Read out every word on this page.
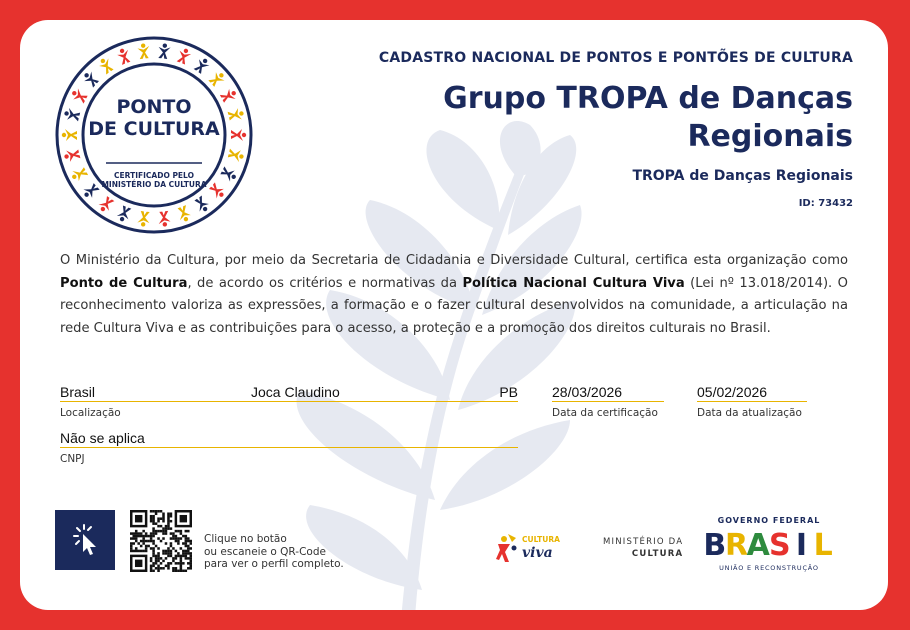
PONTO
DE CULTURA
CERTIFICADO PELO
MINISTÉRIO DA CULTURA
CADASTRO NACIONAL DE PONTOS E PONTÕES DE CULTURA
Grupo TROPA de Danças
Regionais
TROPA de Danças Regionais
ID: 73432
O Ministério da Cultura, por meio da Secretaria de Cidadania e Diversidade Cultural, certifica esta organização como Ponto de Cultura, de acordo os critérios e normativas da Política Nacional Cultura Viva (Lei nº 13.018/2014). O reconhecimento valoriza as expressões, a formação e o fazer cultural desenvolvidos na comunidade, a articulação na rede Cultura Viva e as contribuições para o acesso, a proteção e a promoção dos direitos culturais no Brasil.
Brasil	Joca Claudino	PB
Localização
28/03/2026
Data da certificação
05/02/2026
Data da atualização
Não se aplica
CNPJ
Clique no botão
ou escaneie o QR-Code
para ver o perfil completo.
CULTURA
viva
MINISTÉRIO DA
CULTURA
GOVERNO FEDERAL
B
R
A S I L
UNIÃO E RECONSTRUÇÃO
